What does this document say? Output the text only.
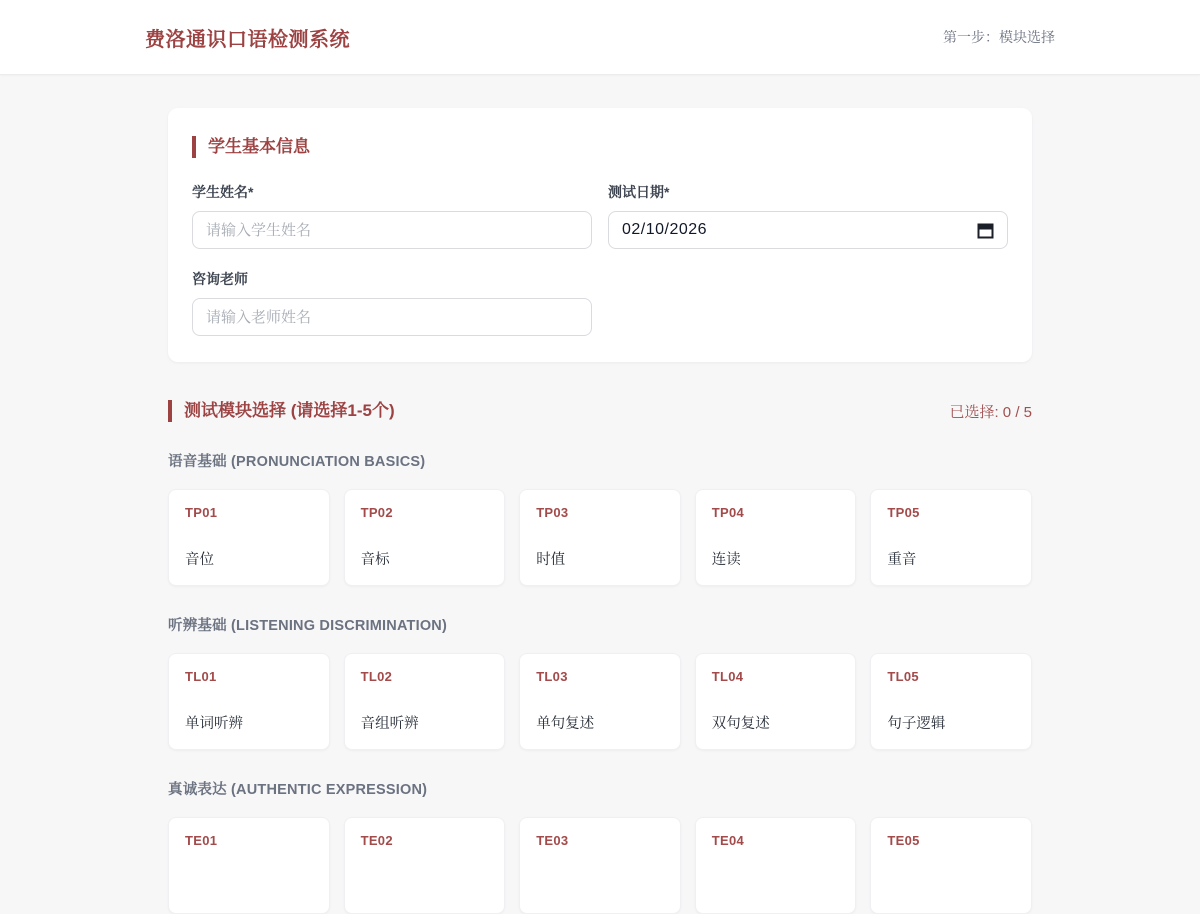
费洛通识口语检测系统	第一步：模块选择
学生基本信息
学生姓名*
请输入学生姓名	测试日期*
02/10/2026
咨询老师
请输入老师姓名
测试模块选择 (请选择1-5个)	已选择: 0 / 5
语音基础 (PRONUNCIATION BASICS)
TP01
音位
TP02
音标
TP03
时值
TP04
连读
TP05
重音
听辨基础 (LISTENING DISCRIMINATION)
TL01
单词听辨
TL02
音组听辨
TL03
单句复述
TL04
双句复述
TL05
句子逻辑
真诚表达 (AUTHENTIC EXPRESSION)
TE01	TE02	TE03	TE04	TE05
